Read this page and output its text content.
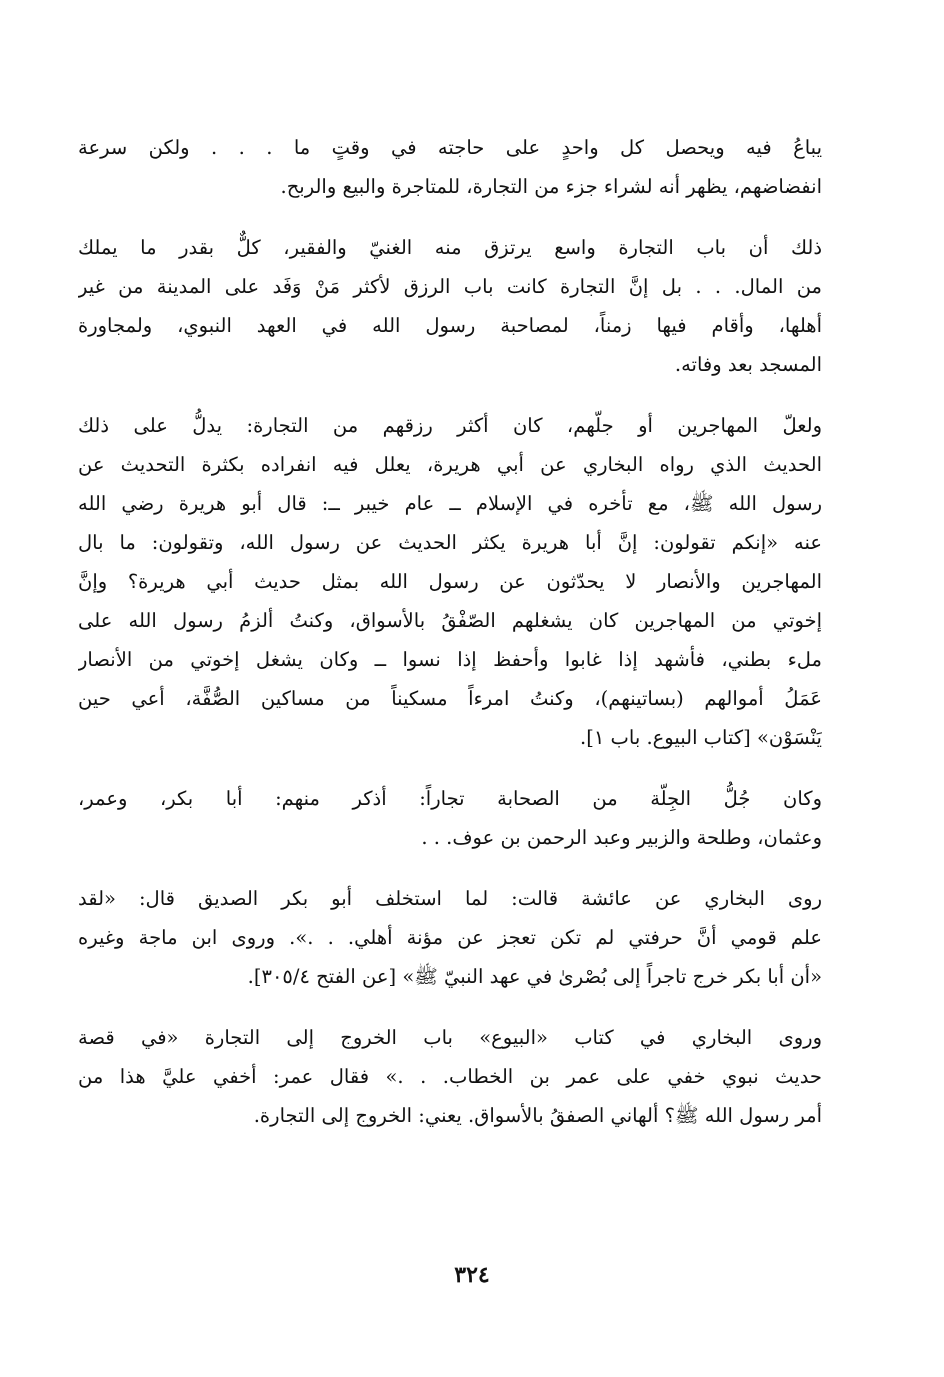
يباعُ فيه ويحصل كل واحدٍ على حاجته في وقتٍ ما . . . ولكن سرعة
انفضاضهم، يظهر أنه لشراء جزء من التجارة، للمتاجرة والبيع والربح.

ذلك أن باب التجارة واسع يرتزق منه الغنيّ والفقير، كلٌّ بقدر ما يملك
من المال. . . بل إنَّ التجارة كانت باب الرزق لأكثر مَنْ وَفَد على المدينة من غير
أهلها، وأقام فيها زمناً، لمصاحبة رسول الله في العهد النبوي، ولمجاورة
المسجد بعد وفاته.

ولعلّ المهاجرين أو جلّهم، كان أكثر رزقهم من التجارة: يدلُّ على ذلك
الحديث الذي رواه البخاري عن أبي هريرة، يعلل فيه انفراده بكثرة التحديث عن
رسول الله ﷺ، مع تأخره في الإسلام ــ عام خيبر ــ: قال أبو هريرة رضي الله
عنه «إنكم تقولون: إنَّ أبا هريرة يكثر الحديث عن رسول الله، وتقولون: ما بال
المهاجرين والأنصار لا يحدّثون عن رسول الله بمثل حديث أبي هريرة؟ وإنَّ
إخوتي من المهاجرين كان يشغلهم الصّفْقُ بالأسواق، وكنتُ ألزمُ رسول الله على
ملء بطني، فأشهد إذا غابوا وأحفظ إذا نسوا ــ وكان يشغل إخوتي من الأنصار
عَمَلُ أموالهم (بساتينهم)، وكنتُ امرءاً مسكيناً من مساكين الصُّفَّة، أعي حين
يَنْسَوْن» [كتاب البيوع. باب ١].

وكان جُلُّ الجِلّة من الصحابة تجاراً: أذكر منهم: أبا بكر، وعمر،
وعثمان، وطلحة والزبير وعبد الرحمن بن عوف. . .

روى البخاري عن عائشة قالت: لما استخلف أبو بكر الصديق قال: «لقد
علم قومي أنَّ حرفتي لم تكن تعجز عن مؤنة أهلي. . .». وروى ابن ماجة وغيره
«أن أبا بكر خرج تاجراً إلى بُصْرىٰ في عهد النبيّ ﷺ» [عن الفتح ٣٠٥/٤].

وروى البخاري في كتاب «البيوع» باب الخروج إلى التجارة «في قصة
حديث نبوي خفي على عمر بن الخطاب. . .» فقال عمر: أخفي عليَّ هذا من
أمر رسول الله ﷺ؟ ألهاني الصفقُ بالأسواق. يعني: الخروج إلى التجارة.

٣٢٤
